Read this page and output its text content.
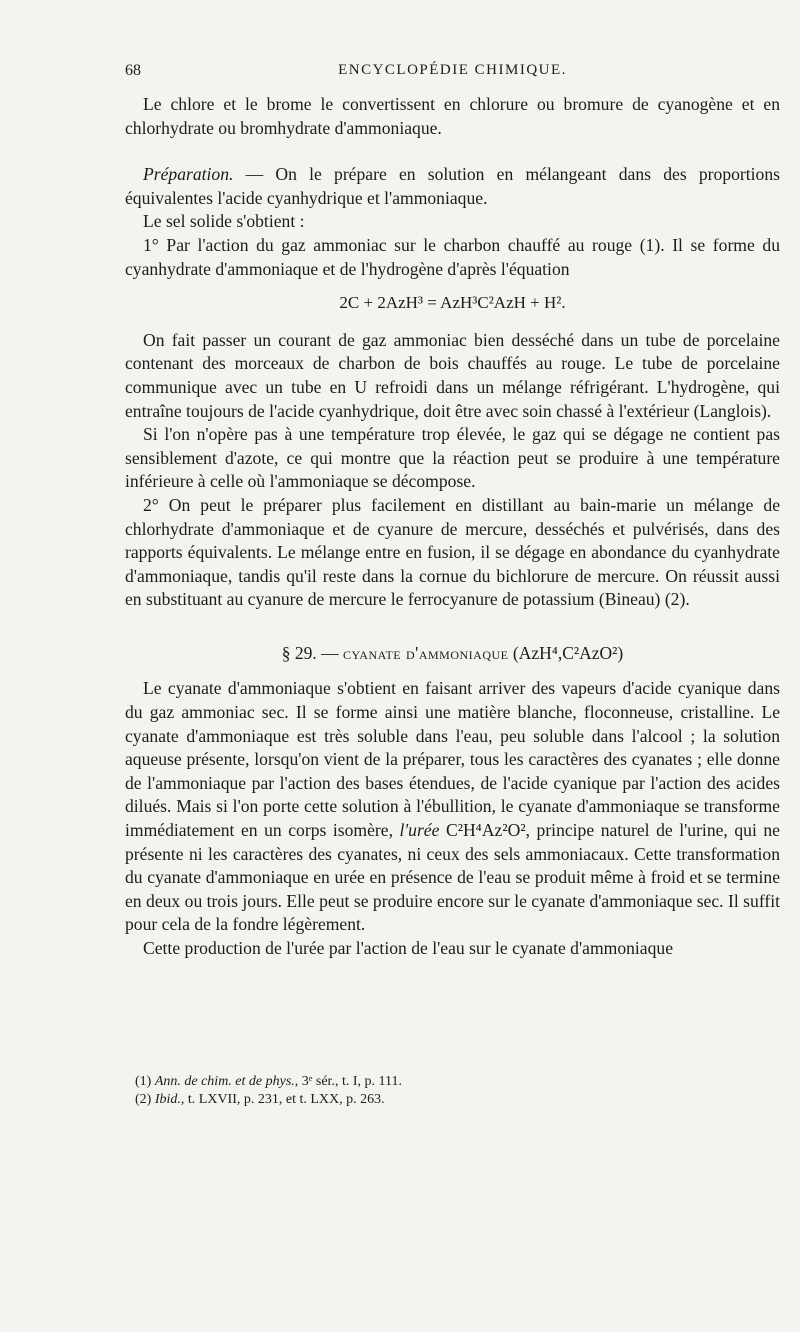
68	ENCYCLOPÉDIE CHIMIQUE.

Le chlore et le brome le convertissent en chlorure ou bromure de cyanogène et en chlorhydrate ou bromhydrate d'ammoniaque.

Préparation. — On le prépare en solution en mélangeant dans des proportions équivalentes l'acide cyanhydrique et l'ammoniaque.

Le sel solide s'obtient :

1° Par l'action du gaz ammoniac sur le charbon chauffé au rouge (1). Il se forme du cyanhydrate d'ammoniaque et de l'hydrogène d'après l'équation

2C + 2AzH³ = AzH³C²AzH + H².

On fait passer un courant de gaz ammoniac bien desséché dans un tube de porcelaine contenant des morceaux de charbon de bois chauffés au rouge. Le tube de porcelaine communique avec un tube en U refroidi dans un mélange réfrigérant. L'hydrogène, qui entraîne toujours de l'acide cyanhydrique, doit être avec soin chassé à l'extérieur (Langlois).

Si l'on n'opère pas à une température trop élevée, le gaz qui se dégage ne contient pas sensiblement d'azote, ce qui montre que la réaction peut se produire à une température inférieure à celle où l'ammoniaque se décompose.

2° On peut le préparer plus facilement en distillant au bain-marie un mélange de chlorhydrate d'ammoniaque et de cyanure de mercure, desséchés et pulvérisés, dans des rapports équivalents. Le mélange entre en fusion, il se dégage en abondance du cyanhydrate d'ammoniaque, tandis qu'il reste dans la cornue du bichlorure de mercure. On réussit aussi en substituant au cyanure de mercure le ferrocyanure de potassium (Bineau) (2).

§ 29. — cyanate d'ammoniaque (AzH⁴,C²AzO²)

Le cyanate d'ammoniaque s'obtient en faisant arriver des vapeurs d'acide cyanique dans du gaz ammoniac sec. Il se forme ainsi une matière blanche, floconneuse, cristalline. Le cyanate d'ammoniaque est très soluble dans l'eau, peu soluble dans l'alcool ; la solution aqueuse présente, lorsqu'on vient de la préparer, tous les caractères des cyanates ; elle donne de l'ammoniaque par l'action des bases étendues, de l'acide cyanique par l'action des acides dilués. Mais si l'on porte cette solution à l'ébullition, le cyanate d'ammoniaque se transforme immédiatement en un corps isomère, l'urée C²H⁴Az²O², principe naturel de l'urine, qui ne présente ni les caractères des cyanates, ni ceux des sels ammoniacaux. Cette transformation du cyanate d'ammoniaque en urée en présence de l'eau se produit même à froid et se termine en deux ou trois jours. Elle peut se produire encore sur le cyanate d'ammoniaque sec. Il suffit pour cela de la fondre légèrement.

Cette production de l'urée par l'action de l'eau sur le cyanate d'ammoniaque

(1) Ann. de chim. et de phys., 3ᵉ sér., t. I, p. 111.

(2) Ibid., t. LXVII, p. 231, et t. LXX, p. 263.
